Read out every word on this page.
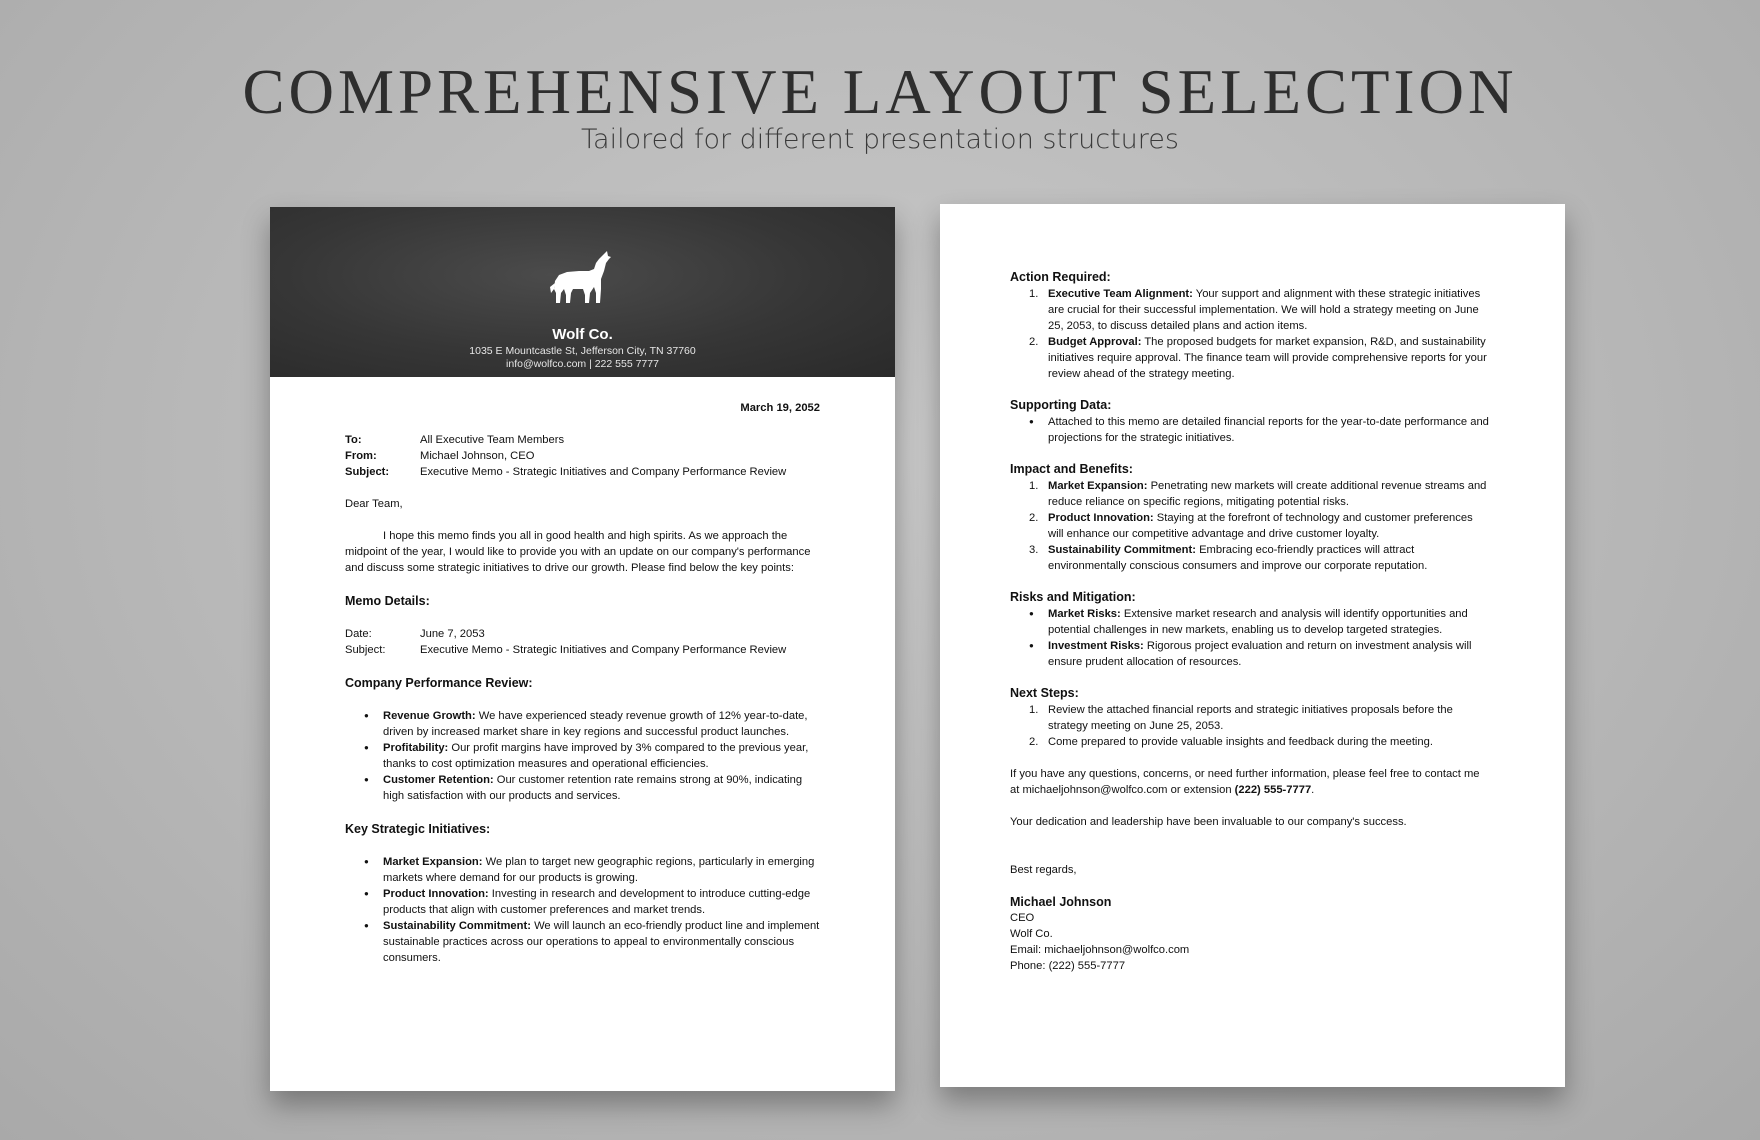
COMPREHENSIVE LAYOUT SELECTION
Tailored for different presentation structures
Wolf Co.
1035 E Mountcastle St, Jefferson City, TN 37760
info@wolfco.com | 222 555 7777
March 19, 2052
To:	All Executive Team Members
From:	Michael Johnson, CEO
Subject:	Executive Memo - Strategic Initiatives and Company Performance Review

Dear Team,

I hope this memo finds you all in good health and high spirits. As we approach the midpoint of the year, I would like to provide you with an update on our company's performance and discuss some strategic initiatives to drive our growth. Please find below the key points:

Memo Details:
Date:	June 7, 2053
Subject:	Executive Memo - Strategic Initiatives and Company Performance Review
Company Performance Review:
● Revenue Growth: We have experienced steady revenue growth of 12% year-to-date, driven by increased market share in key regions and successful product launches.
● Profitability: Our profit margins have improved by 3% compared to the previous year, thanks to cost optimization measures and operational efficiencies.
● Customer Retention: Our customer retention rate remains strong at 90%, indicating high satisfaction with our products and services.
Key Strategic Initiatives:
● Market Expansion: We plan to target new geographic regions, particularly in emerging markets where demand for our products is growing.
● Product Innovation: Investing in research and development to introduce cutting-edge products that align with customer preferences and market trends.
● Sustainability Commitment: We will launch an eco-friendly product line and implement sustainable practices across our operations to appeal to environmentally conscious consumers.
Action Required:
1. Executive Team Alignment: Your support and alignment with these strategic initiatives are crucial for their successful implementation. We will hold a strategy meeting on June 25, 2053, to discuss detailed plans and action items.
2. Budget Approval: The proposed budgets for market expansion, R&D, and sustainability initiatives require approval. The finance team will provide comprehensive reports for your review ahead of the strategy meeting.
Supporting Data:
● Attached to this memo are detailed financial reports for the year-to-date performance and projections for the strategic initiatives.
Impact and Benefits:
1. Market Expansion: Penetrating new markets will create additional revenue streams and reduce reliance on specific regions, mitigating potential risks.
2. Product Innovation: Staying at the forefront of technology and customer preferences will enhance our competitive advantage and drive customer loyalty.
3. Sustainability Commitment: Embracing eco-friendly practices will attract environmentally conscious consumers and improve our corporate reputation.
Risks and Mitigation:
● Market Risks: Extensive market research and analysis will identify opportunities and potential challenges in new markets, enabling us to develop targeted strategies.
● Investment Risks: Rigorous project evaluation and return on investment analysis will ensure prudent allocation of resources.
Next Steps:
1. Review the attached financial reports and strategic initiatives proposals before the strategy meeting on June 25, 2053.
2. Come prepared to provide valuable insights and feedback during the meeting.

If you have any questions, concerns, or need further information, please feel free to contact me at michaeljohnson@wolfco.com or extension (222) 555-7777.

Your dedication and leadership have been invaluable to our company's success.

Best regards,

Michael Johnson
CEO
Wolf Co.
Email: michaeljohnson@wolfco.com
Phone: (222) 555-7777
